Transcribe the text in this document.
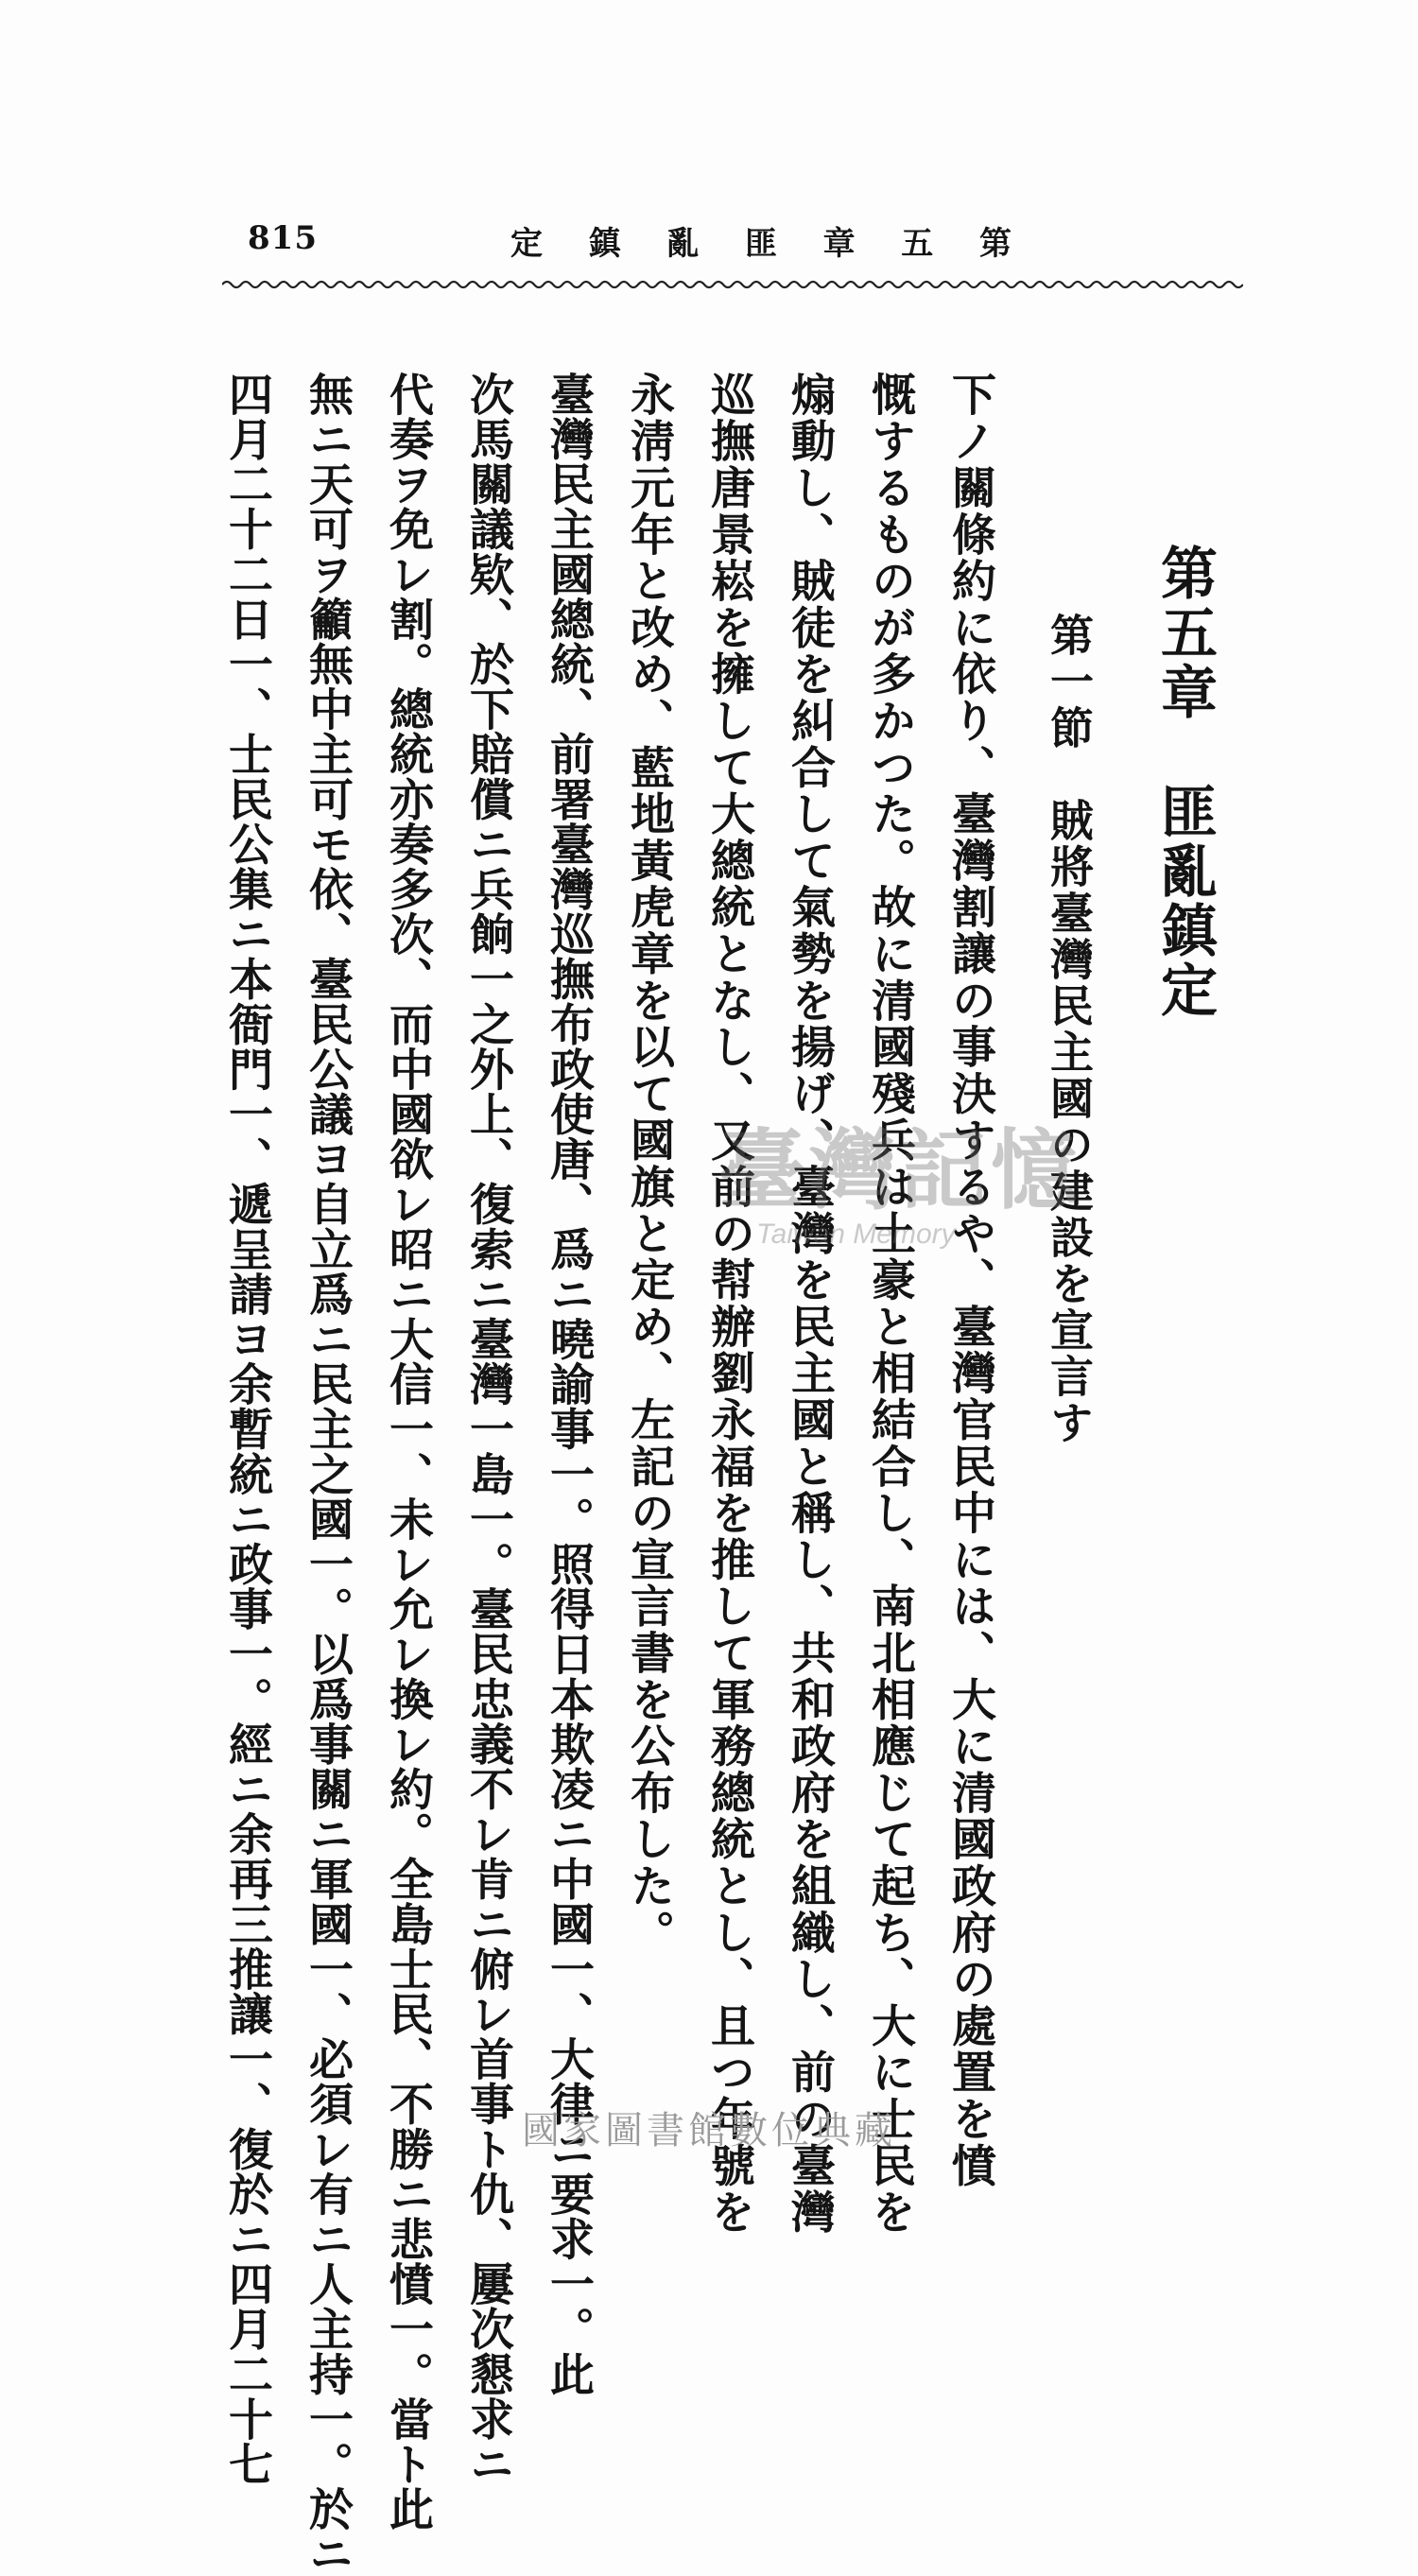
815	第
五
章
匪
亂
鎮
定
第五章　匪亂鎮定
第一節　賊將臺灣民主國の建設を宣言す
下ノ關條約に依り、臺灣割讓の事決するや、臺灣官民中には、大に清國政府の處置を憤
慨するものが多かつた。故に清國殘兵は土豪と相結合し、南北相應じて起ち、大に士民を
煽動し、賊徒を糾合して氣勢を揚げ、臺灣を民主國と稱し、共和政府を組織し、前の臺灣
巡撫唐景崧を擁して大總統となし、又前の幇辦劉永福を推して軍務總統とし、且つ年號を
永淸元年と改め、藍地黃虎章を以て國旗と定め、左記の宣言書を公布した。
臺灣民主國總統、前署臺灣巡撫布政使唐、爲ニ曉諭事一。照得日本欺凌ニ中國一、大律ニ要求一。此
次馬關議欵、於下賠償ニ兵餉一之外上、復索ニ臺灣一島一。臺民忠義不レ肯ニ俯レ首事ト仇、屢次懇求ニ
代奏ヲ免レ割。總統亦奏多次、而中國欲レ昭ニ大信一、未レ允レ換レ約。全島士民、不勝ニ悲憤一。當ト此
無ニ天可ヲ籲無中主可モ依、臺民公議ヨ自立爲ニ民主之國一。以爲事關ニ軍國一、必須レ有ニ人主持一。於ニ
四月二十二日一、士民公集ニ本衙門一、遞呈請ヨ余暫統ニ政事一。經ニ余再三推讓一、復於ニ四月二十七	臺灣記憶
Taiwan Memory
國家圖書館數位典藏
